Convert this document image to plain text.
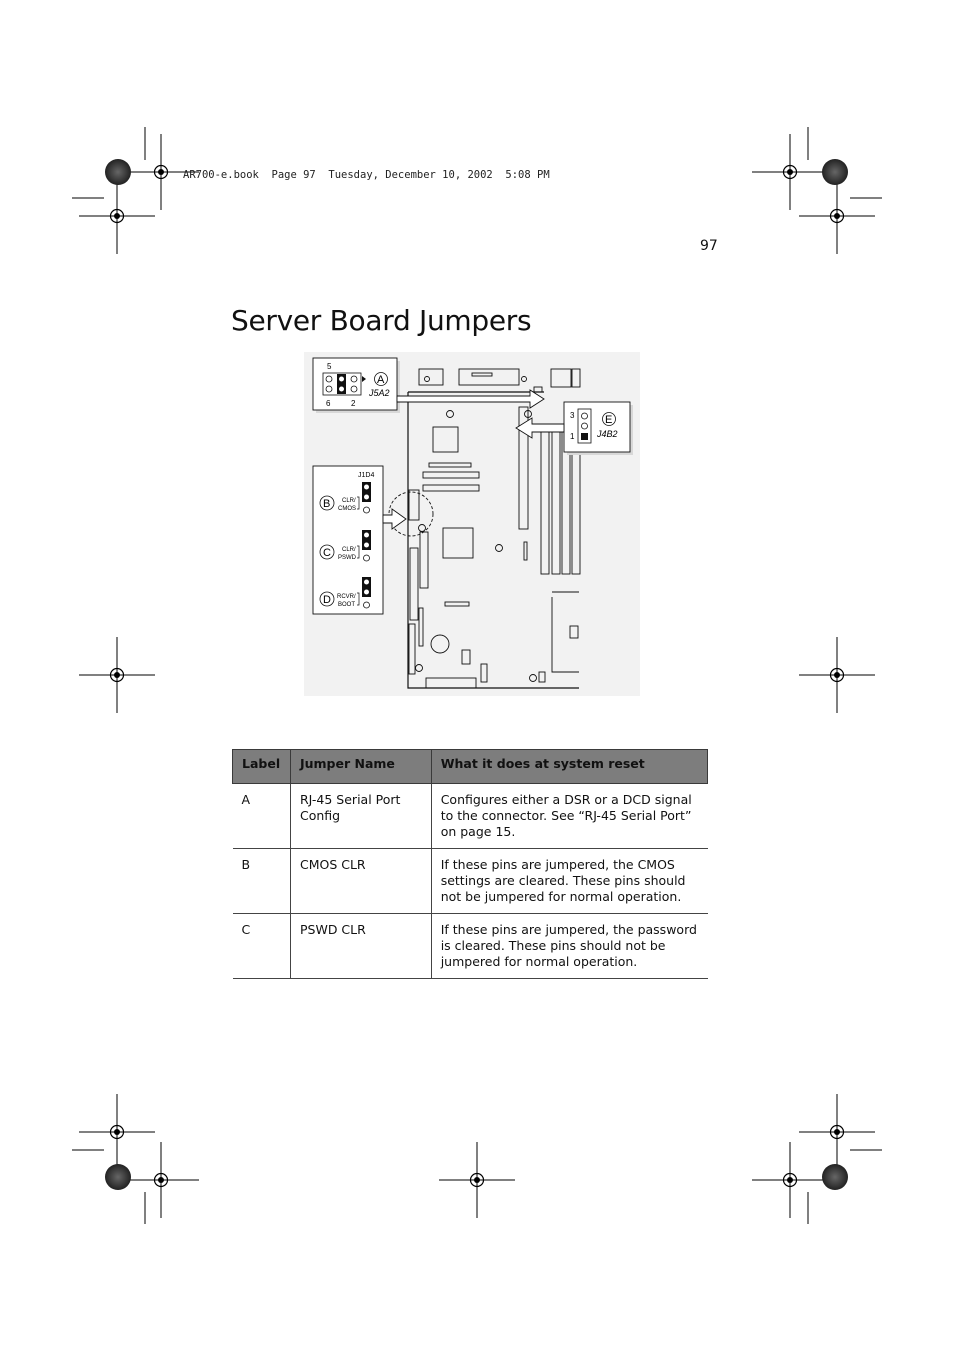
AR700-e.book  Page 97  Tuesday, December 10, 2002  5:08 PM
97
Server Board Jumpers
5
6	2
A
J5A2
3
1
E
J4B2
J1D4
B CLR/
CMOS
C CLR/
PSWD
D RCVR/
BOOT
Label	Jumper Name	What it does at system reset
A	RJ-45 Serial Port Config	Configures either a DSR or a DCD signal to the connector. See “RJ-45 Serial Port” on page 15.
B	CMOS CLR	If these pins are jumpered, the CMOS settings are cleared. These pins should not be jumpered for normal operation.
C	PSWD CLR	If these pins are jumpered, the password is cleared. These pins should not be jumpered for normal operation.
